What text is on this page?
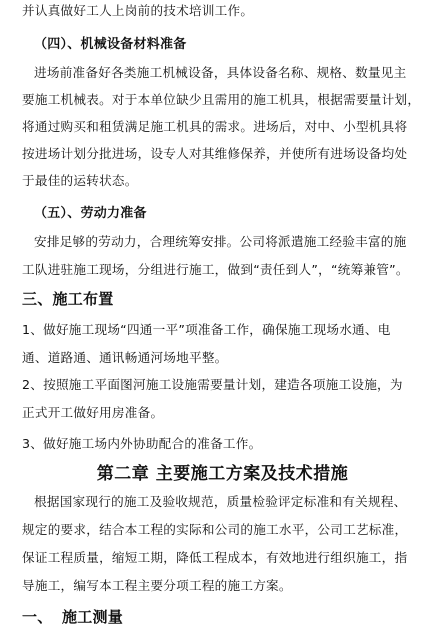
并认真做好工人上岗前的技术培训工作。
（四）、机械设备材料准备
进场前准备好各类施工机械设备，具体设备名称、规格、数量见主
要施工机械表。对于本单位缺少且需用的施工机具，根据需要量计划，
将通过购买和租赁满足施工机具的需求。进场后，对中、小型机具将
按进场计划分批进场，设专人对其维修保养，并使所有进场设备均处
于最佳的运转状态。
（五）、劳动力准备
安排足够的劳动力，合理统筹安排。公司将派遣施工经验丰富的施
工队进驻施工现场，分组进行施工，做到“责任到人”，“统筹兼管”。
三、施工布置
1、做好施工现场“四通一平”项准备工作，确保施工现场水通、电
通、道路通、通讯畅通河场地平整。
2、按照施工平面图河施工设施需要量计划，建造各项施工设施，为
正式开工做好用房准备。
3、做好施工场内外协助配合的准备工作。
第二章 主要施工方案及技术措施
根据国家现行的施工及验收规范，质量检验评定标准和有关规程、
规定的要求，结合本工程的实际和公司的施工水平，公司工艺标准，
保证工程质量，缩短工期，降低工程成本，有效地进行组织施工，指
导施工，编写本工程主要分项工程的施工方案。
一、 施工测量
